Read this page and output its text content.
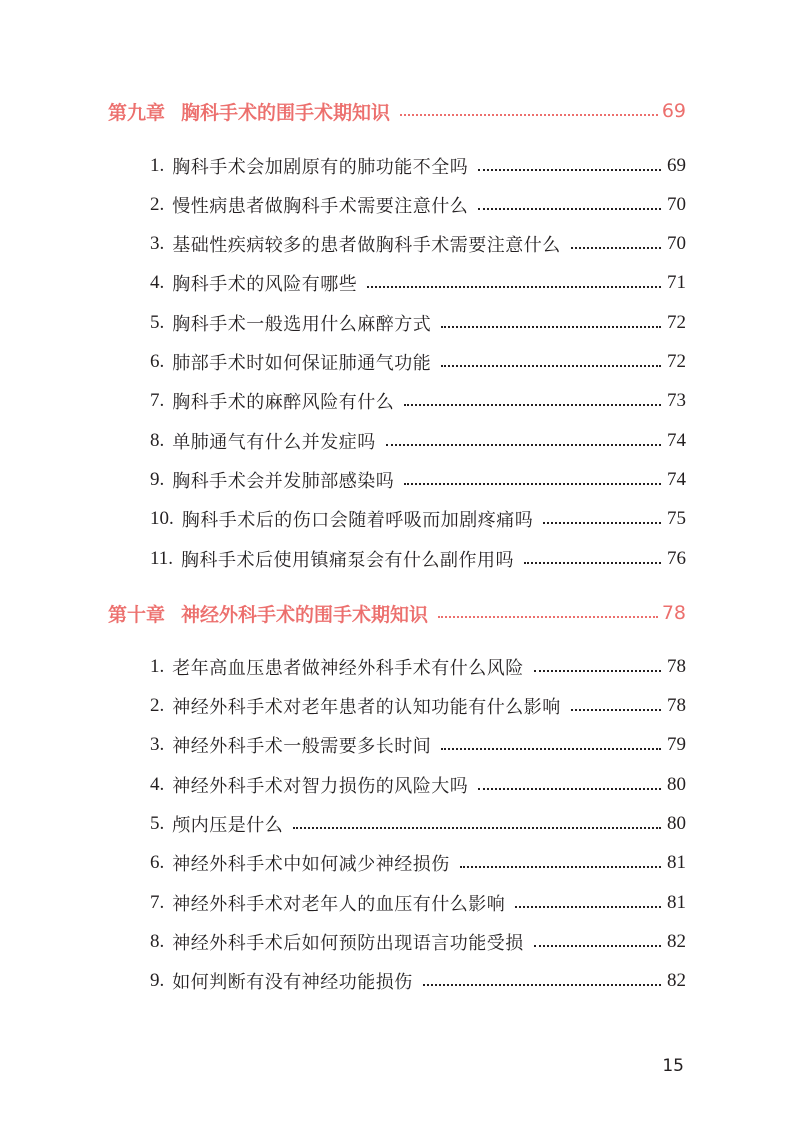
第九章 胸科手术的围手术期知识	69
1. 胸科手术会加剧原有的肺功能不全吗	69
2. 慢性病患者做胸科手术需要注意什么	70
3. 基础性疾病较多的患者做胸科手术需要注意什么	70
4. 胸科手术的风险有哪些	71
5. 胸科手术一般选用什么麻醉方式	72
6. 肺部手术时如何保证肺通气功能	72
7. 胸科手术的麻醉风险有什么	73
8. 单肺通气有什么并发症吗	74
9. 胸科手术会并发肺部感染吗	74
10. 胸科手术后的伤口会随着呼吸而加剧疼痛吗	75
11. 胸科手术后使用镇痛泵会有什么副作用吗	76
第十章 神经外科手术的围手术期知识	78
1. 老年高血压患者做神经外科手术有什么风险	78
2. 神经外科手术对老年患者的认知功能有什么影响	78
3. 神经外科手术一般需要多长时间	79
4. 神经外科手术对智力损伤的风险大吗	80
5. 颅内压是什么	80
6. 神经外科手术中如何减少神经损伤	81
7. 神经外科手术对老年人的血压有什么影响	81
8. 神经外科手术后如何预防出现语言功能受损	82
9. 如何判断有没有神经功能损伤	82
15
